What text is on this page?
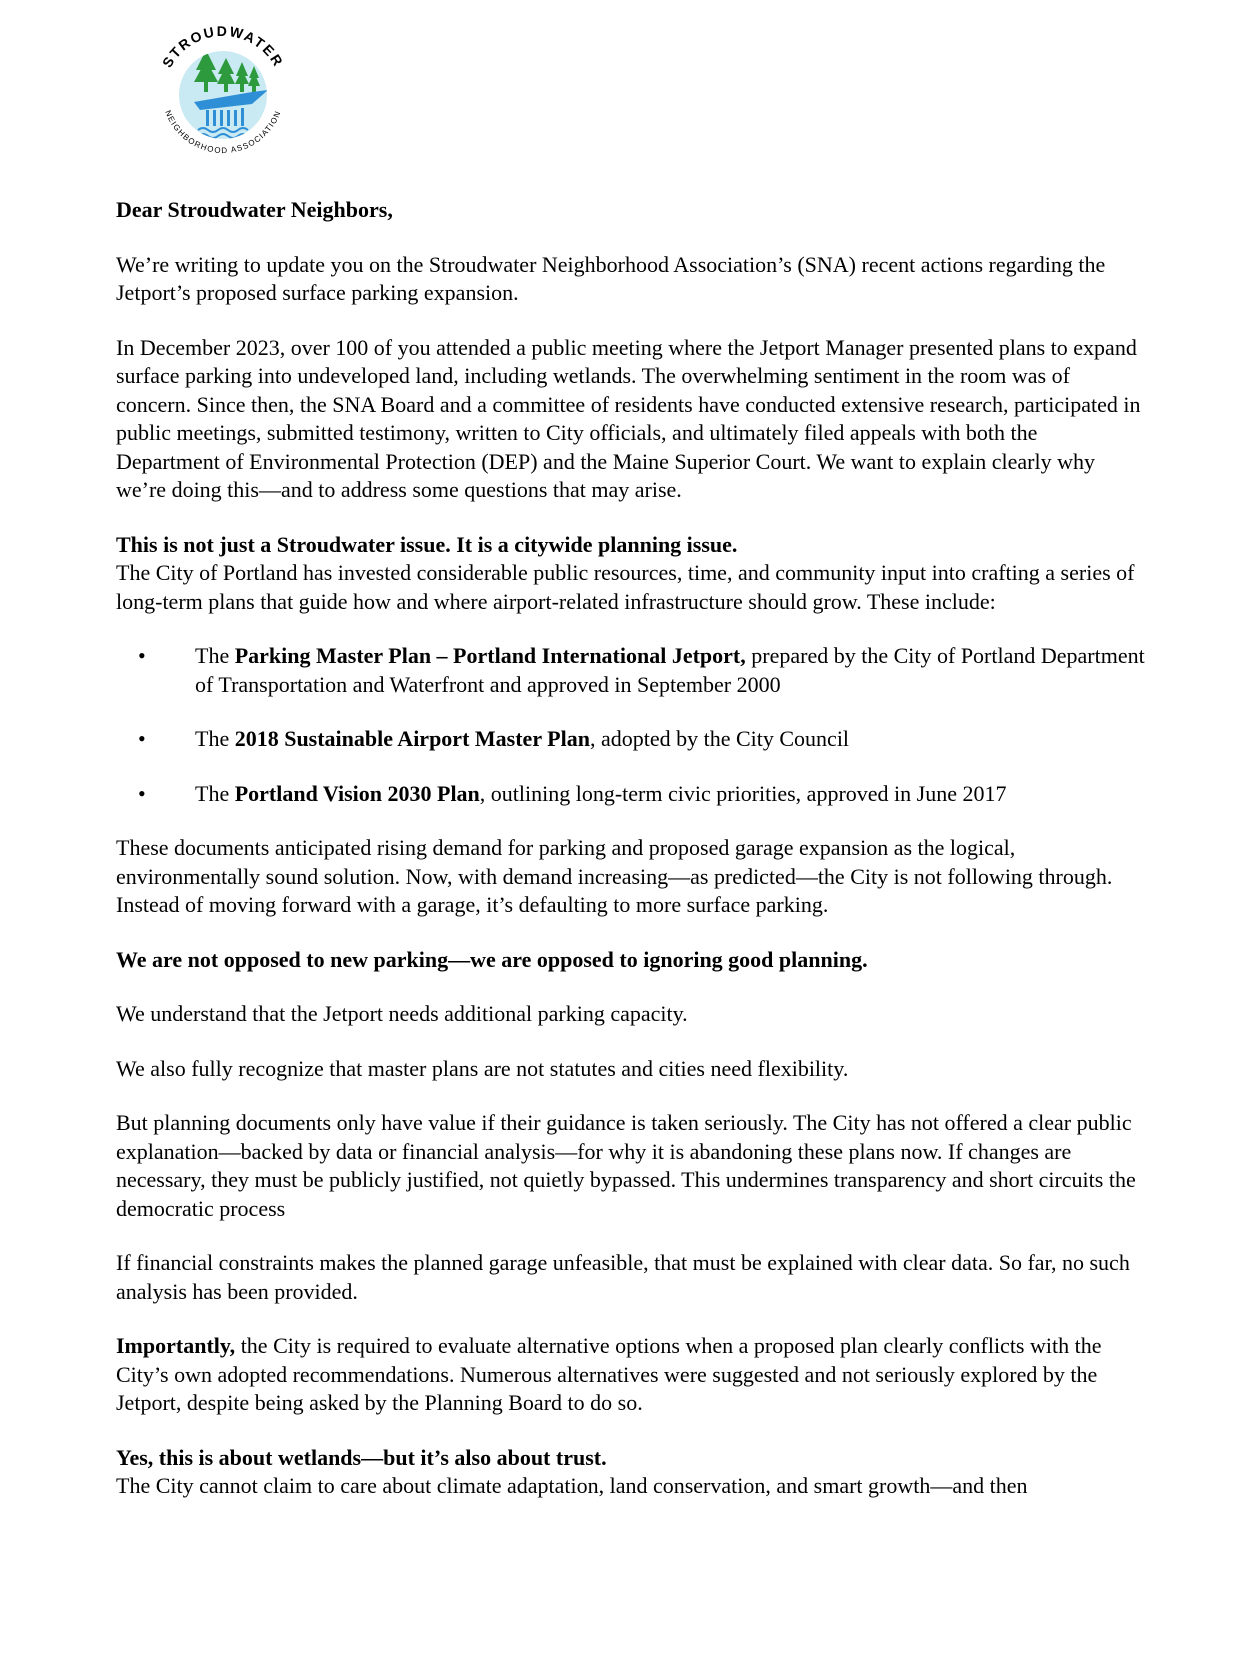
STROUDWATER
NEIGHBORHOOD ASSOCIATION

Dear Stroudwater Neighbors,

We’re writing to update you on the Stroudwater Neighborhood Association’s (SNA) recent actions regarding the Jetport’s proposed surface parking expansion.

In December 2023, over 100 of you attended a public meeting where the Jetport Manager presented plans to expand surface parking into undeveloped land, including wetlands. The overwhelming sentiment in the room was of concern. Since then, the SNA Board and a committee of residents have conducted extensive research, participated in public meetings, submitted testimony, written to City officials, and ultimately filed appeals with both the Department of Environmental Protection (DEP) and the Maine Superior Court. We want to explain clearly why we’re doing this—and to address some questions that may arise.

This is not just a Stroudwater issue. It is a citywide planning issue.

The City of Portland has invested considerable public resources, time, and community input into crafting a series of long-term plans that guide how and where airport-related infrastructure should grow. These include:

• The Parking Master Plan – Portland International Jetport, prepared by the City of Portland Department of Transportation and Waterfront and approved in September 2000
• The 2018 Sustainable Airport Master Plan, adopted by the City Council
• The Portland Vision 2030 Plan, outlining long-term civic priorities, approved in June 2017

These documents anticipated rising demand for parking and proposed garage expansion as the logical, environmentally sound solution. Now, with demand increasing—as predicted—the City is not following through. Instead of moving forward with a garage, it’s defaulting to more surface parking.

We are not opposed to new parking—we are opposed to ignoring good planning.

We understand that the Jetport needs additional parking capacity.

We also fully recognize that master plans are not statutes and cities need flexibility.

But planning documents only have value if their guidance is taken seriously. The City has not offered a clear public explanation—backed by data or financial analysis—for why it is abandoning these plans now. If changes are necessary, they must be publicly justified, not quietly bypassed. This undermines transparency and short circuits the democratic process

If financial constraints makes the planned garage unfeasible, that must be explained with clear data. So far, no such analysis has been provided.

Importantly, the City is required to evaluate alternative options when a proposed plan clearly conflicts with the City’s own adopted recommendations. Numerous alternatives were suggested and not seriously explored by the Jetport, despite being asked by the Planning Board to do so.

Yes, this is about wetlands—but it’s also about trust.

The City cannot claim to care about climate adaptation, land conservation, and smart growth—and then
